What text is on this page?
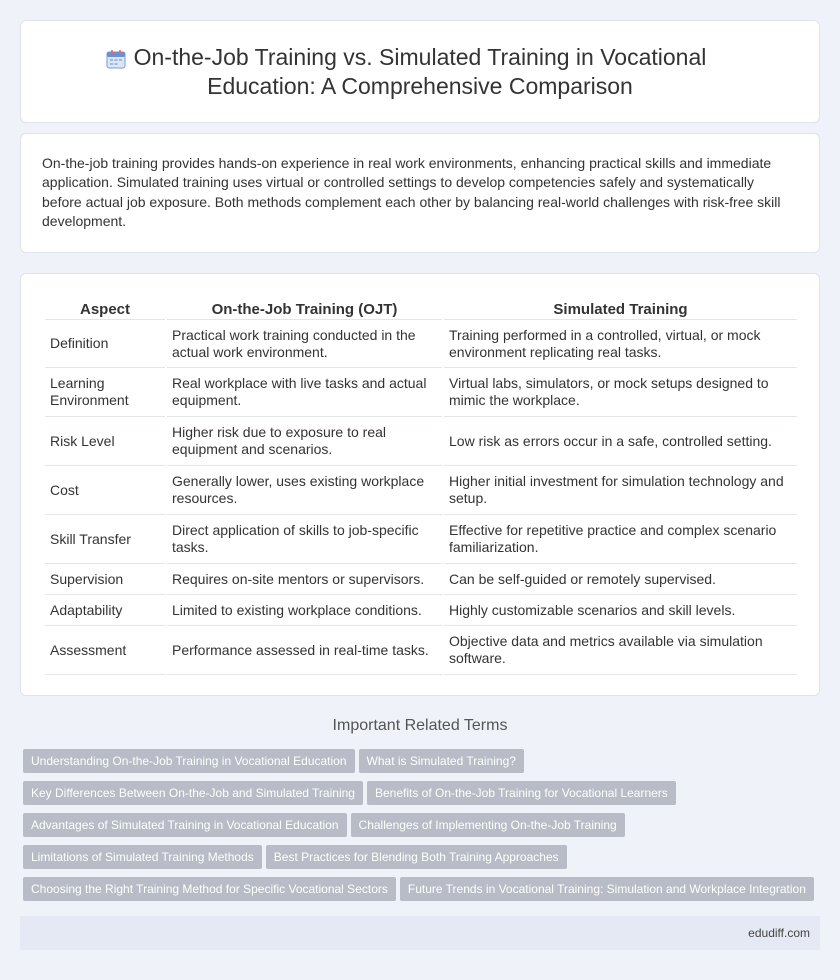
On-the-Job Training vs. Simulated Training in Vocational
Education: A Comprehensive Comparison

On-the-job training provides hands-on experience in real work environments, enhancing practical skills and immediate application. Simulated training uses virtual or controlled settings to develop competencies safely and systematically before actual job exposure. Both methods complement each other by balancing real-world challenges with risk-free skill development.

Aspect	On-the-Job Training (OJT)	Simulated Training
Definition	Practical work training conducted in the actual work environment.	Training performed in a controlled, virtual, or mock environment replicating real tasks.
Learning Environment	Real workplace with live tasks and actual equipment.	Virtual labs, simulators, or mock setups designed to mimic the workplace.
Risk Level	Higher risk due to exposure to real equipment and scenarios.	Low risk as errors occur in a safe, controlled setting.
Cost	Generally lower, uses existing workplace resources.	Higher initial investment for simulation technology and setup.
Skill Transfer	Direct application of skills to job-specific tasks.	Effective for repetitive practice and complex scenario familiarization.
Supervision	Requires on-site mentors or supervisors.	Can be self-guided or remotely supervised.
Adaptability	Limited to existing workplace conditions.	Highly customizable scenarios and skill levels.
Assessment	Performance assessed in real-time tasks.	Objective data and metrics available via simulation software.
Important Related Terms
Understanding On-the-Job Training in Vocational Education What is Simulated Training?
Key Differences Between On-the-Job and Simulated Training Benefits of On-the-Job Training for Vocational Learners
Advantages of Simulated Training in Vocational Education Challenges of Implementing On-the-Job Training
Limitations of Simulated Training Methods Best Practices for Blending Both Training Approaches
Choosing the Right Training Method for Specific Vocational Sectors Future Trends in Vocational Training: Simulation and Workplace Integration
edudiff.com
